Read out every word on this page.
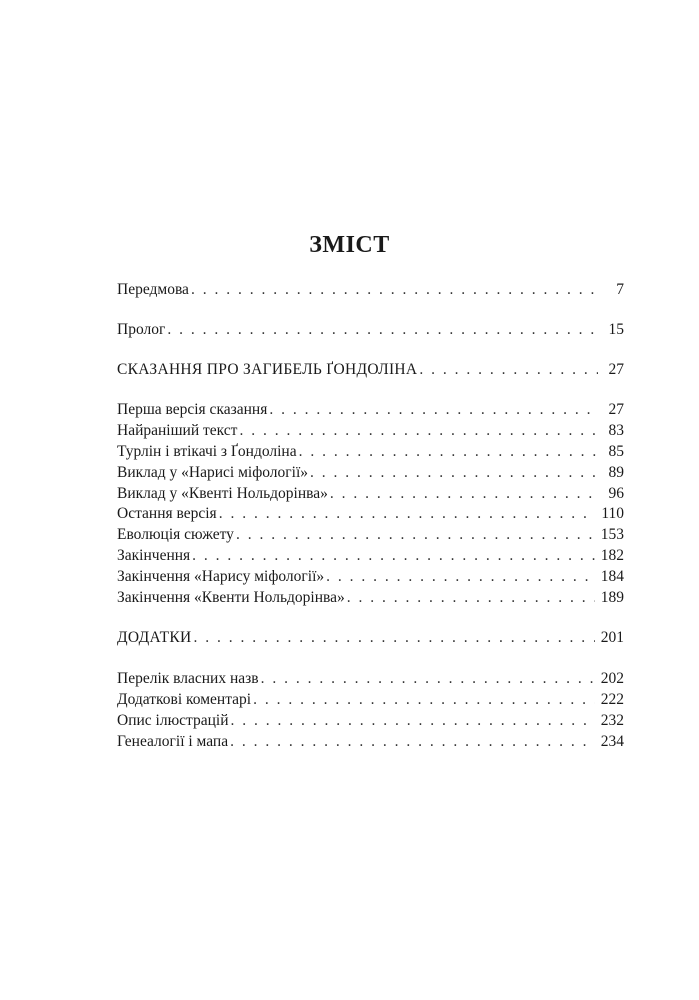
ЗМІСТ
Передмова . . .	7
Пролог . . .	15
СКАЗАННЯ ПРО ЗАГИБЕЛЬ ҐОНДОЛІНА . . .	27
Перша версія сказання . . .	27
Найраніший текст . . .	83
Турлін і втікачі з Ґондоліна . . .	85
Виклад у «Нарисі міфології» . . .	89
Виклад у «Квенті Нольдорінва» . . .	96
Остання версія . . .	110
Еволюція сюжету . . .	153
Закінчення . . .	182
Закінчення «Нарису міфології» . . .	184
Закінчення «Квенти Нольдорінва» . . .	189
ДОДАТКИ . . .	201
Перелік власних назв . . .	202
Додаткові коментарі . . .	222
Опис ілюстрацій . . .	232
Генеалогії і мапа . . .	234
